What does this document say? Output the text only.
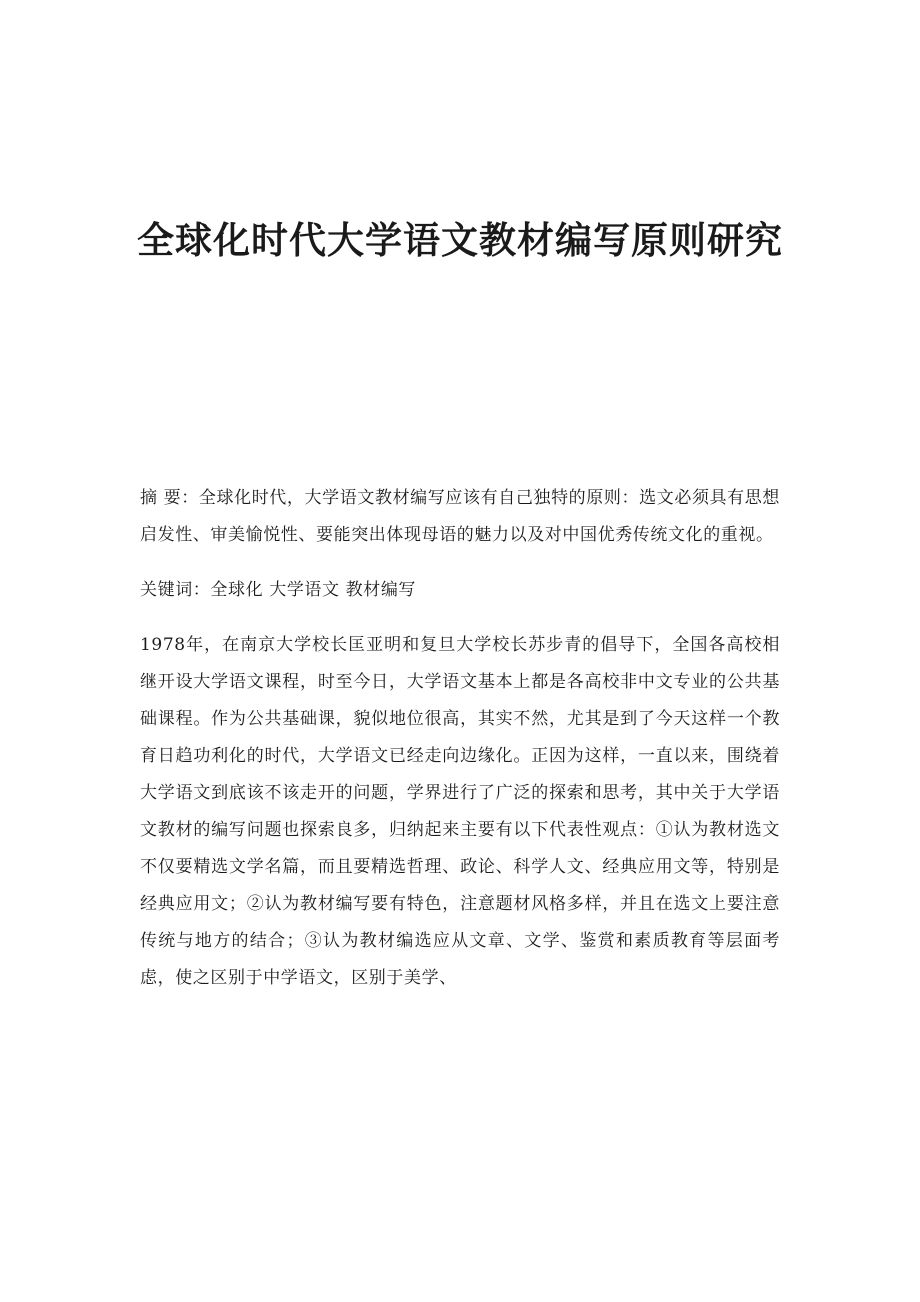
全球化时代大学语文教材编写原则研究

摘 要：全球化时代，大学语文教材编写应该有自己独特的原则：选文必须具有思想启发性、审美愉悦性、要能突出体现母语的魅力以及对中国优秀传统文化的重视。

关键词：全球化 大学语文 教材编写

1978年，在南京大学校长匡亚明和复旦大学校长苏步青的倡导下，全国各高校相继开设大学语文课程，时至今日，大学语文基本上都是各高校非中文专业的公共基础课程。作为公共基础课，貌似地位很高，其实不然，尤其是到了今天这样一个教育日趋功利化的时代，大学语文已经走向边缘化。正因为这样，一直以来，围绕着大学语文到底该不该走开的问题，学界进行了广泛的探索和思考，其中关于大学语文教材的编写问题也探索良多，归纳起来主要有以下代表性观点：①认为教材选文不仅要精选文学名篇，而且要精选哲理、政论、科学人文、经典应用文等，特别是经典应用文；②认为教材编写要有特色，注意题材风格多样，并且在选文上要注意传统与地方的结合；③认为教材编选应从文章、文学、鉴赏和素质教育等层面考虑，使之区别于中学语文，区别于美学、
